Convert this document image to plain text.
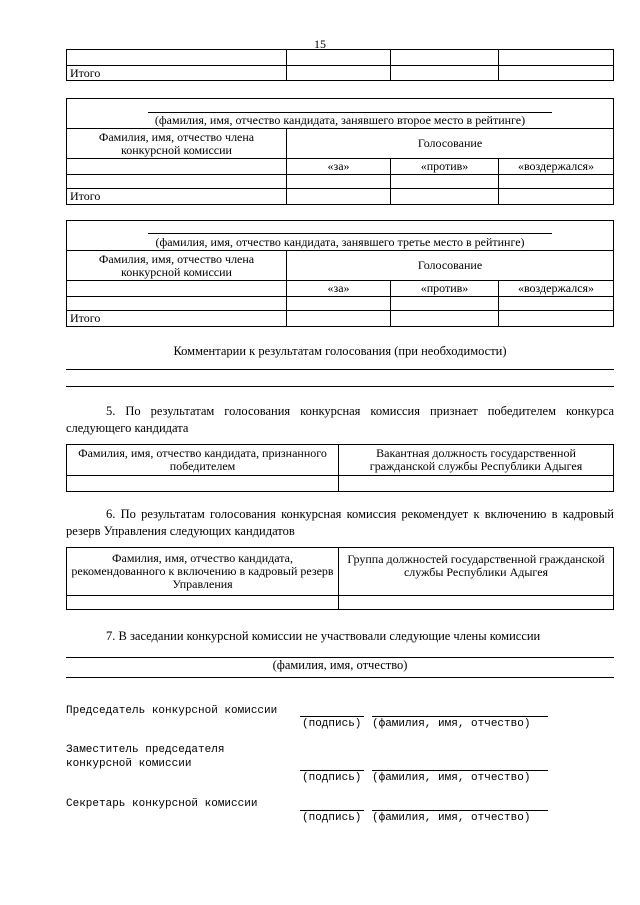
15

Итого			
(фамилия, имя, отчество кандидата, занявшего второе место в рейтинге)
Фамилия, имя, отчество члена конкурсной комиссии	Голосование		
	«за»	«против»	«воздержался»

Итого			
(фамилия, имя, отчество кандидата, занявшего третье место в рейтинге)
Фамилия, имя, отчество члена конкурсной комиссии	Голосование		
	«за»	«против»	«воздержался»

Итого			
Комментарии к результатам голосования (при необходимости)
5. По результатам голосования конкурсная комиссия признает победителем конкурса следующего кандидата
Фамилия, имя, отчество кандидата, признанного победителем	Вакантная должность государственной гражданской службы Республики Адыгея

6. По результатам голосования конкурсная комиссия рекомендует к включению в кадровый резерв Управления следующих кандидатов
Фамилия, имя, отчество кандидата, рекомендованного к включению в кадровый резерв Управления	Группа должностей государственной гражданской службы Республики Адыгея

7. В заседании конкурсной комиссии не участвовали следующие члены комиссии
(фамилия, имя, отчество)
Председатель конкурсной комиссии
(подпись) (фамилия, имя, отчество)
Заместитель председателя
конкурсной комиссии
(подпись) (фамилия, имя, отчество)
Секретарь конкурсной комиссии
(подпись) (фамилия, имя, отчество)
